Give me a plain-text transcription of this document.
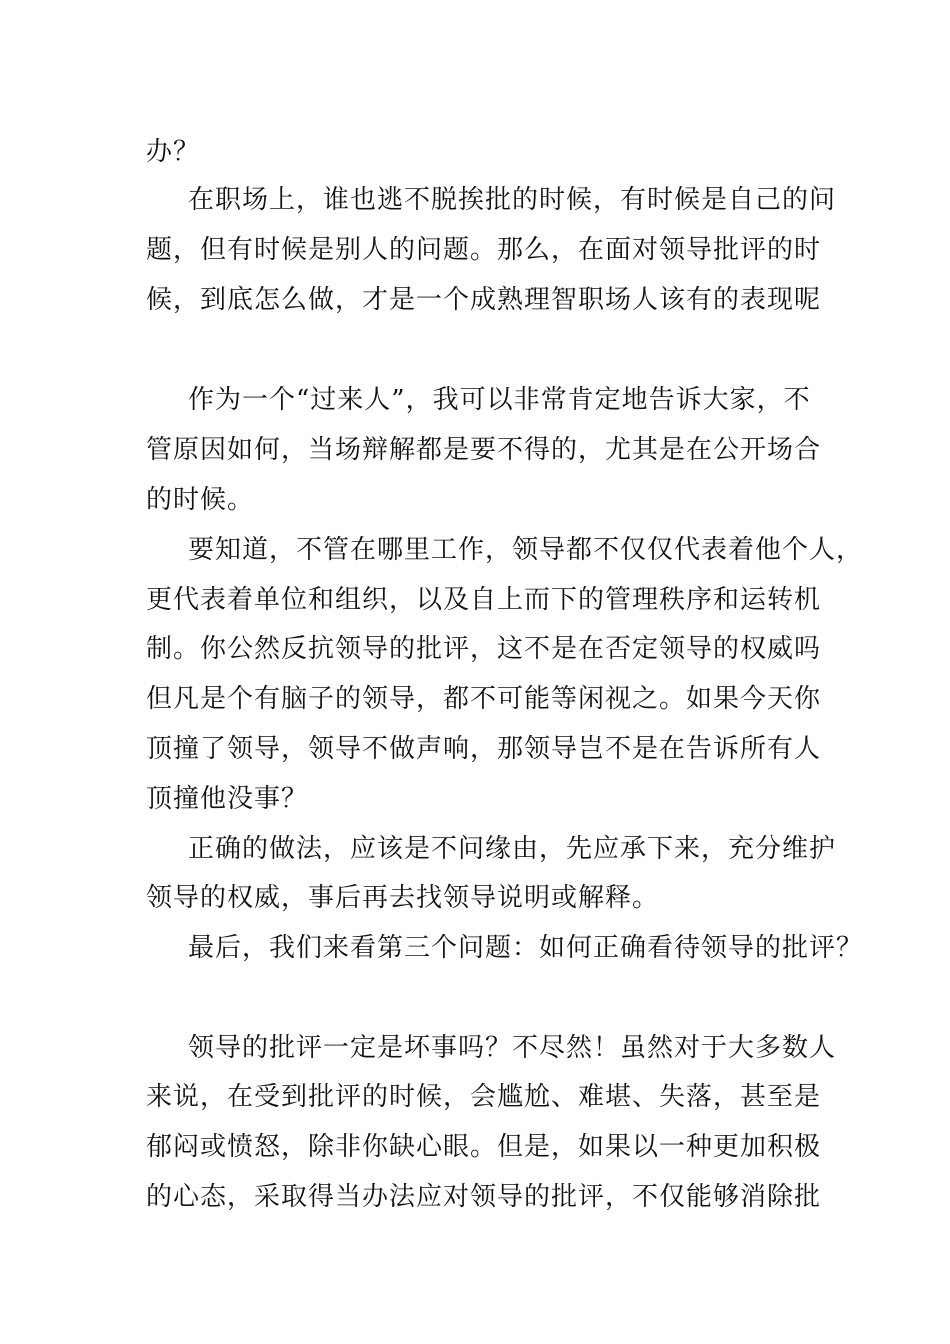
办？
在职场上，谁也逃不脱挨批的时候，有时候是自己的问
题，但有时候是别人的问题。那么，在面对领导批评的时
候，到底怎么做，才是一个成熟理智职场人该有的表现呢
作为一个“过来人”，我可以非常肯定地告诉大家，不
管原因如何，当场辩解都是要不得的，尤其是在公开场合
的时候。
要知道，不管在哪里工作，领导都不仅仅代表着他个人，
更代表着单位和组织，以及自上而下的管理秩序和运转机
制。你公然反抗领导的批评，这不是在否定领导的权威吗
但凡是个有脑子的领导，都不可能等闲视之。如果今天你
顶撞了领导，领导不做声响，那领导岂不是在告诉所有人
顶撞他没事？
正确的做法，应该是不问缘由，先应承下来，充分维护
领导的权威，事后再去找领导说明或解释。
最后，我们来看第三个问题：如何正确看待领导的批评？
领导的批评一定是坏事吗？不尽然！虽然对于大多数人
来说，在受到批评的时候，会尴尬、难堪、失落，甚至是
郁闷或愤怒，除非你缺心眼。但是，如果以一种更加积极
的心态，采取得当办法应对领导的批评，不仅能够消除批
